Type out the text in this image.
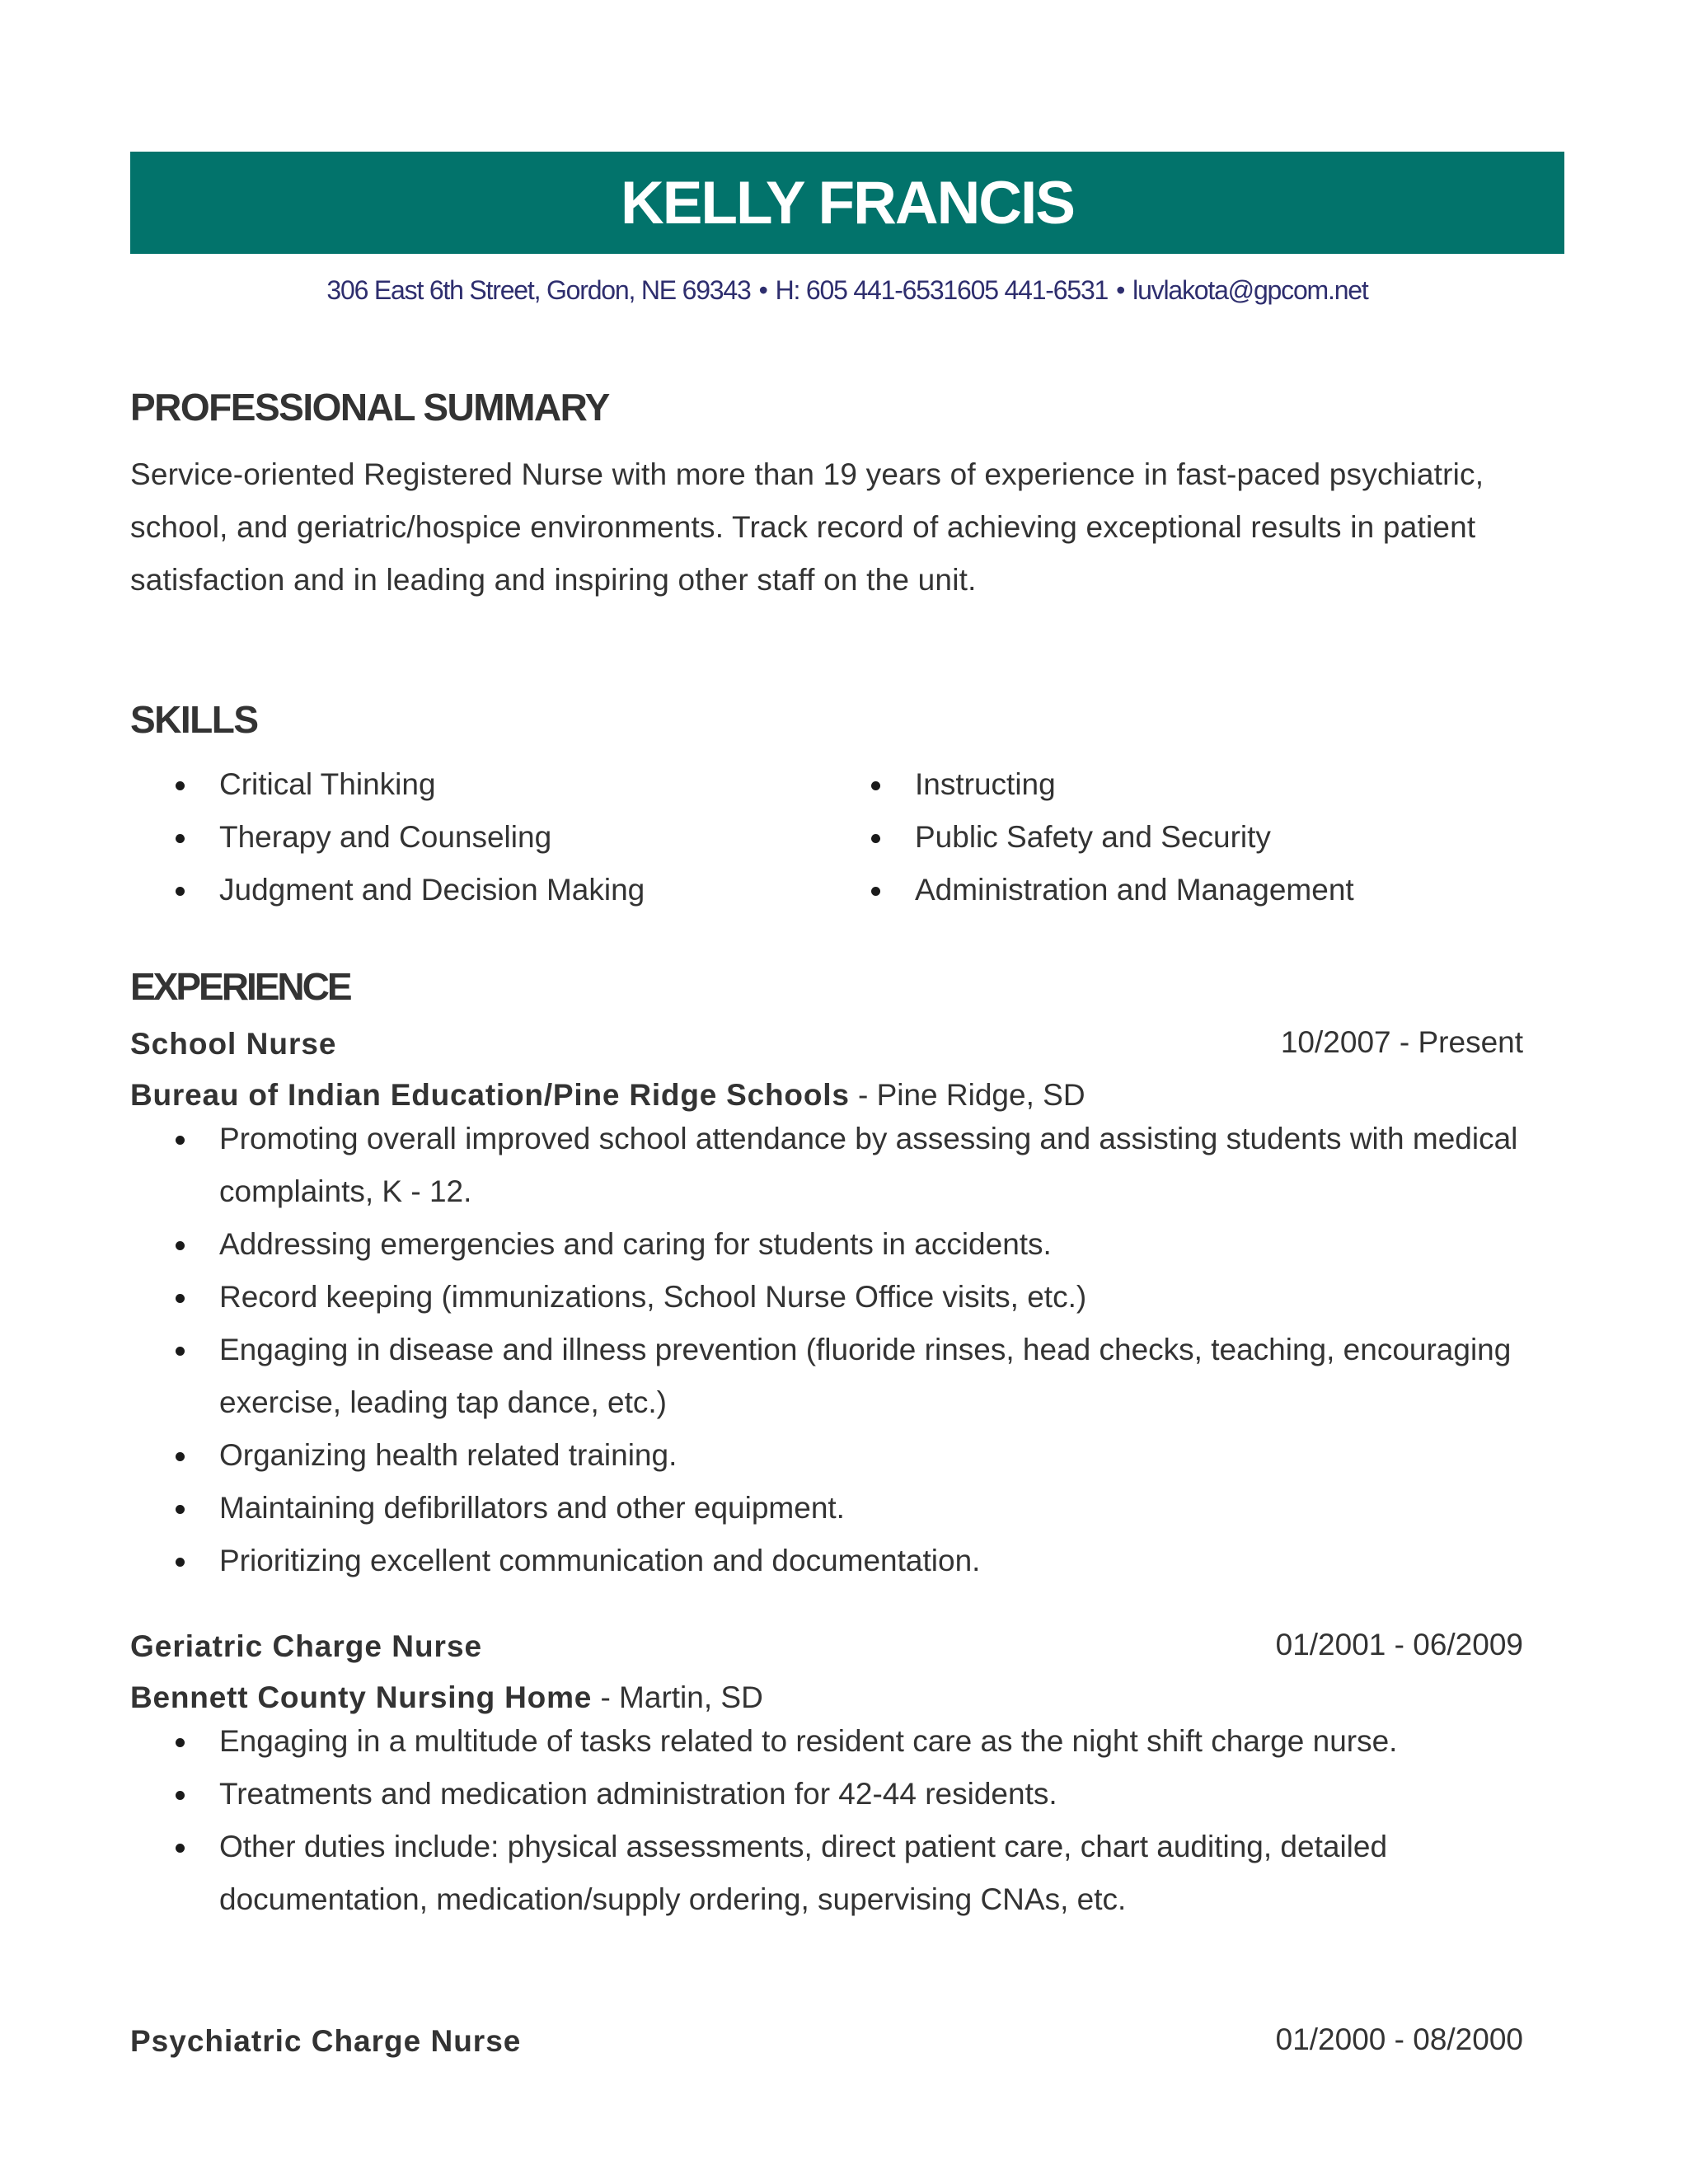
KELLY FRANCIS
306 East 6th Street, Gordon, NE 69343 • H: 605 441-6531605 441-6531 • luvlakota@gpcom.net
PROFESSIONAL SUMMARY
Service-oriented Registered Nurse with more than 19 years of experience in fast-paced psychiatric, school, and geriatric/hospice environments. Track record of achieving exceptional results in patient satisfaction and in leading and inspiring other staff on the unit.
SKILLS
Critical Thinking
Therapy and Counseling
Judgment and Decision Making
Instructing
Public Safety and Security
Administration and Management
EXPERIENCE
School Nurse	10/2007 - Present
Bureau of Indian Education/Pine Ridge Schools - Pine Ridge, SD
Promoting overall improved school attendance by assessing and assisting students with medical complaints, K - 12.
Addressing emergencies and caring for students in accidents.
Record keeping (immunizations, School Nurse Office visits, etc.)
Engaging in disease and illness prevention (fluoride rinses, head checks, teaching, encouraging exercise, leading tap dance, etc.)
Organizing health related training.
Maintaining defibrillators and other equipment.
Prioritizing excellent communication and documentation.
Geriatric Charge Nurse	01/2001 - 06/2009
Bennett County Nursing Home - Martin, SD
Engaging in a multitude of tasks related to resident care as the night shift charge nurse.
Treatments and medication administration for 42-44 residents.
Other duties include: physical assessments, direct patient care, chart auditing, detailed documentation, medication/supply ordering, supervising CNAs, etc.
Psychiatric Charge Nurse	01/2000 - 08/2000
